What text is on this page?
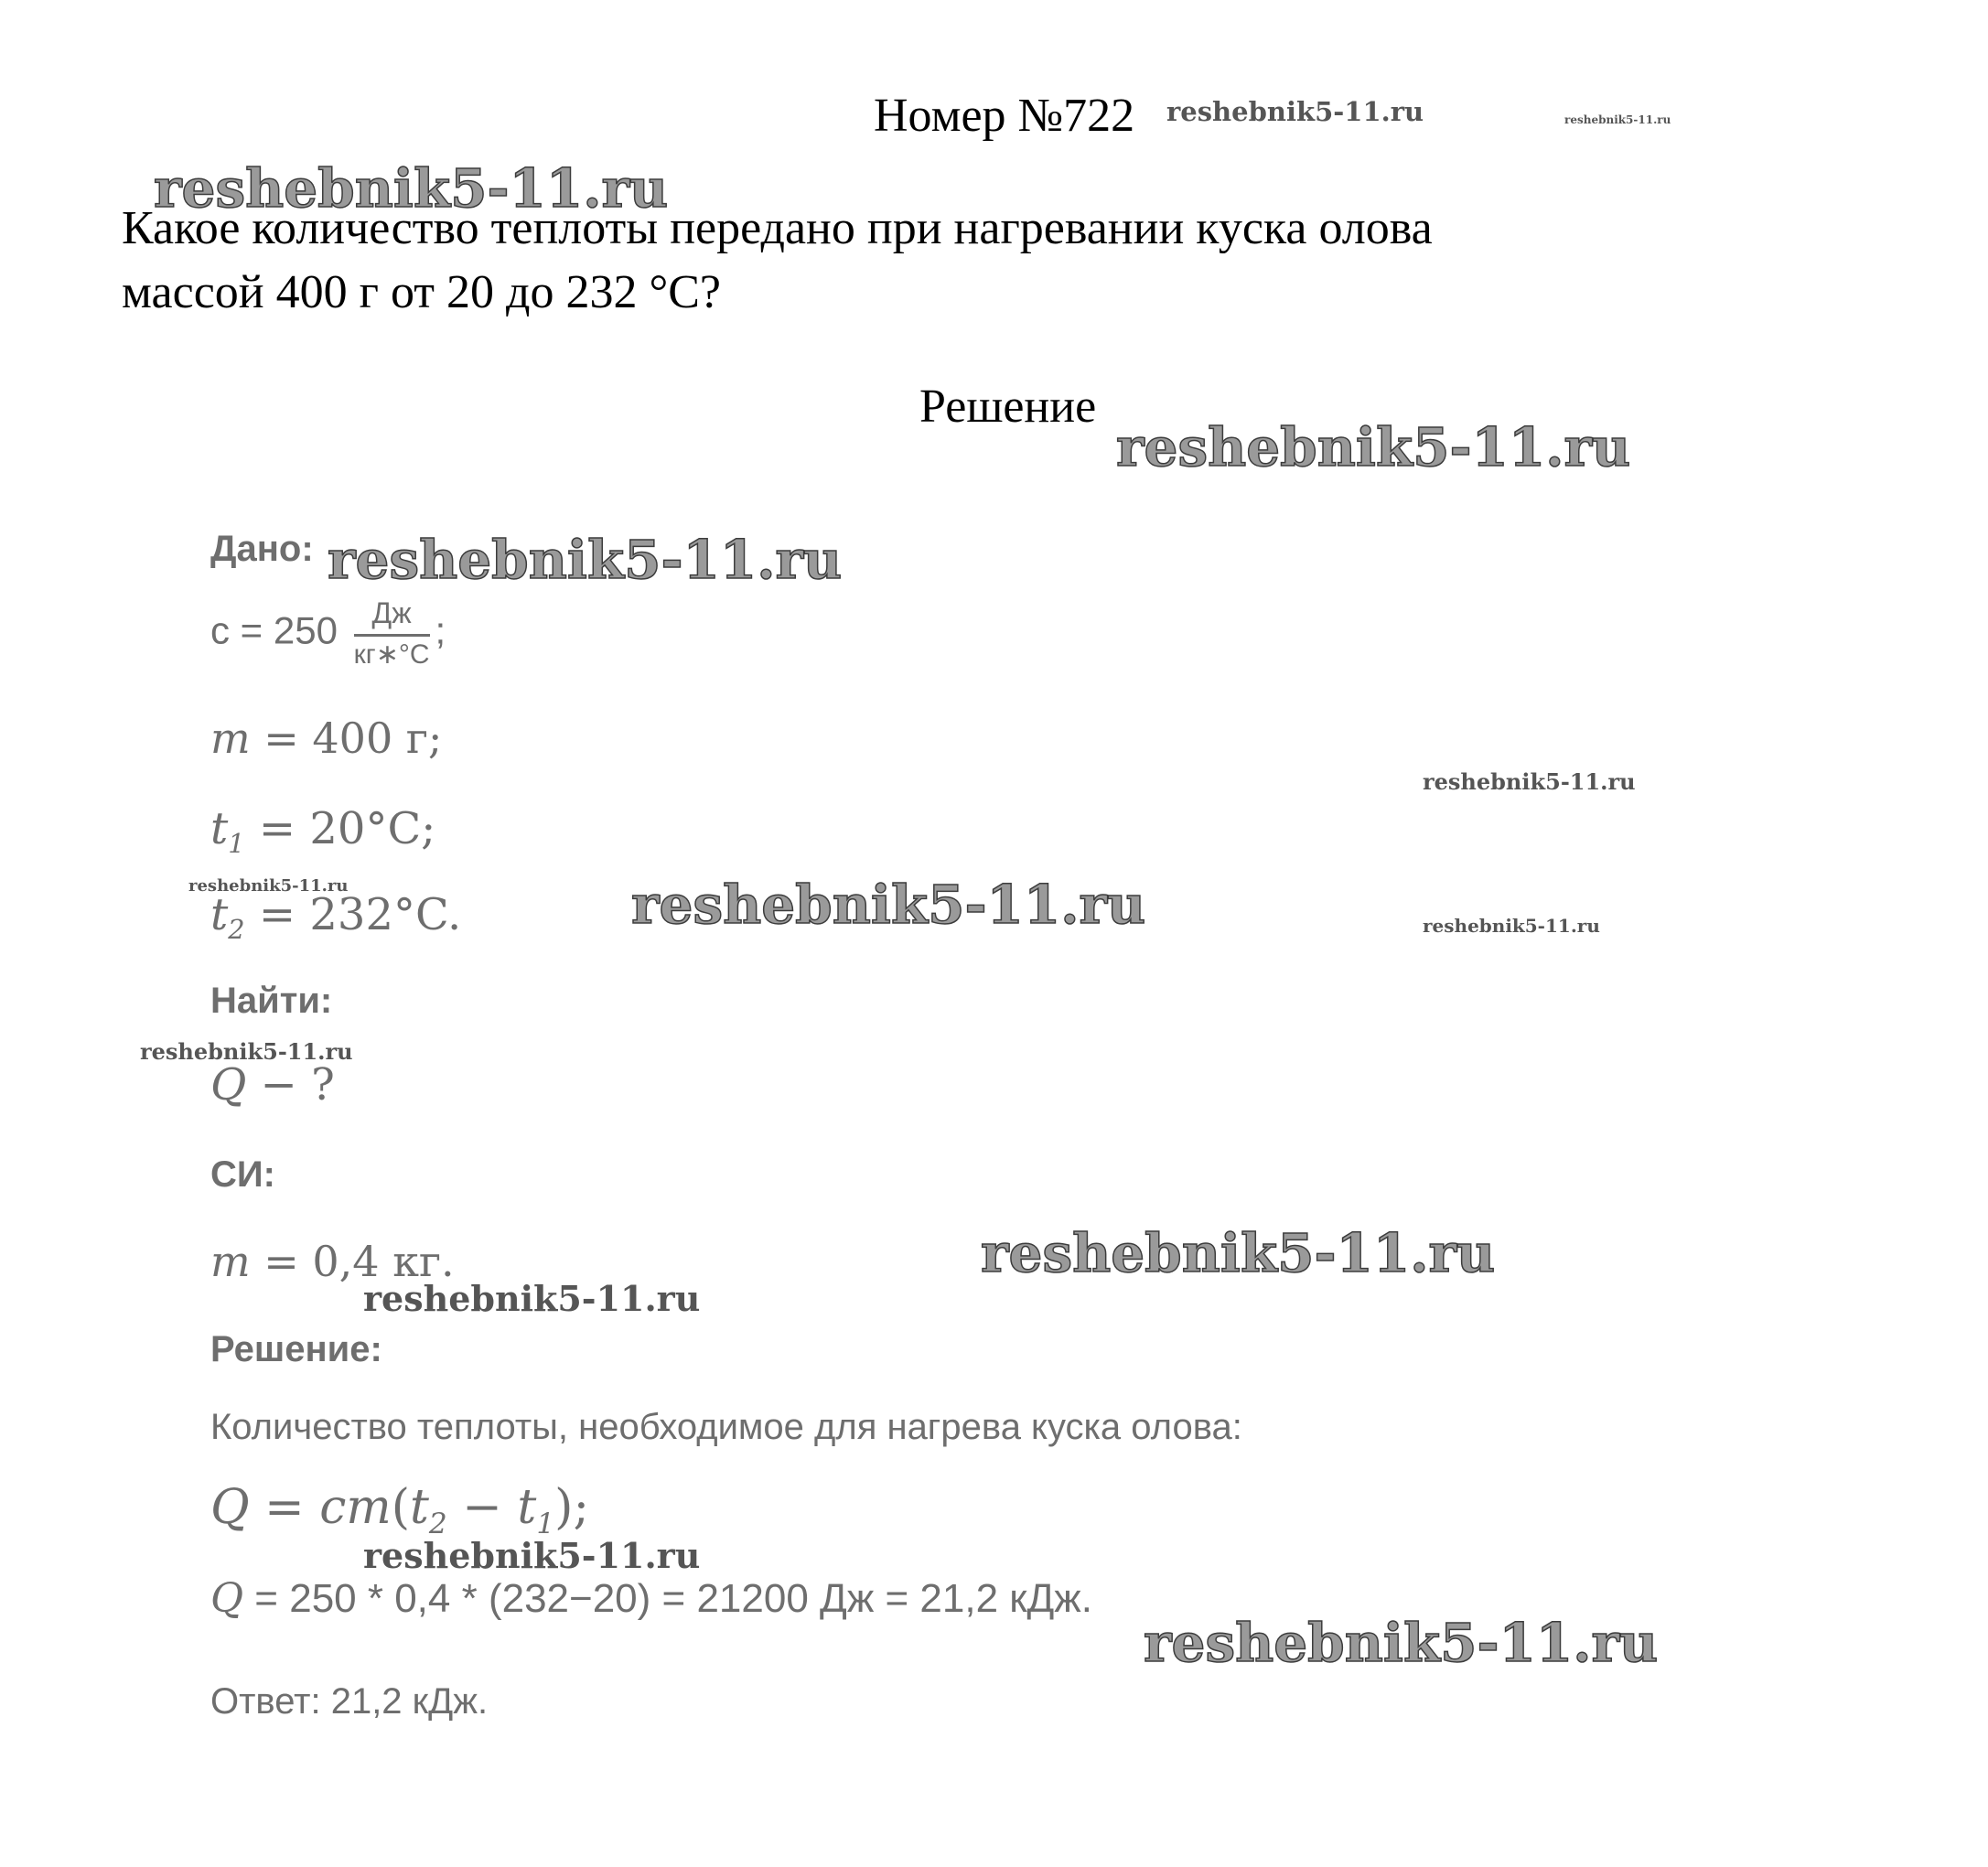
Номер №722
Какое количество теплоты передано при нагревании куска олова
массой 400 г от 20 до 232 °С?
Решение
Дано:
$c = 250 \frac{Дж}{кг∗^\circ С}$ ;
m = 400 г;
$t_1 = 20^\circ C$;
$t_2 = 232^\circ C$.
Найти:
Q − ?
СИ:
m = 0,4 кг.
Решение:
Количество теплоты, необходимое для нагрева куска олова:
$Q = cm(t_2 - t_1)$;
Q = 250 * 0,4 * (232−20) = 21200 Дж = 21,2 кДж.
Ответ: 21,2 кДж.
reshebnik5-11.ru	reshebnik5-11.ru
reshebnik5-11.ru
reshebnik5-11.ru
reshebnik5-11.ru
reshebnik5-11.ru
reshebnik5-11.ru	reshebnik5-11.ru	reshebnik5-11.ru
reshebnik5-11.ru
reshebnik5-11.ru
reshebnik5-11.ru
reshebnik5-11.ru
reshebnik5-11.ru
